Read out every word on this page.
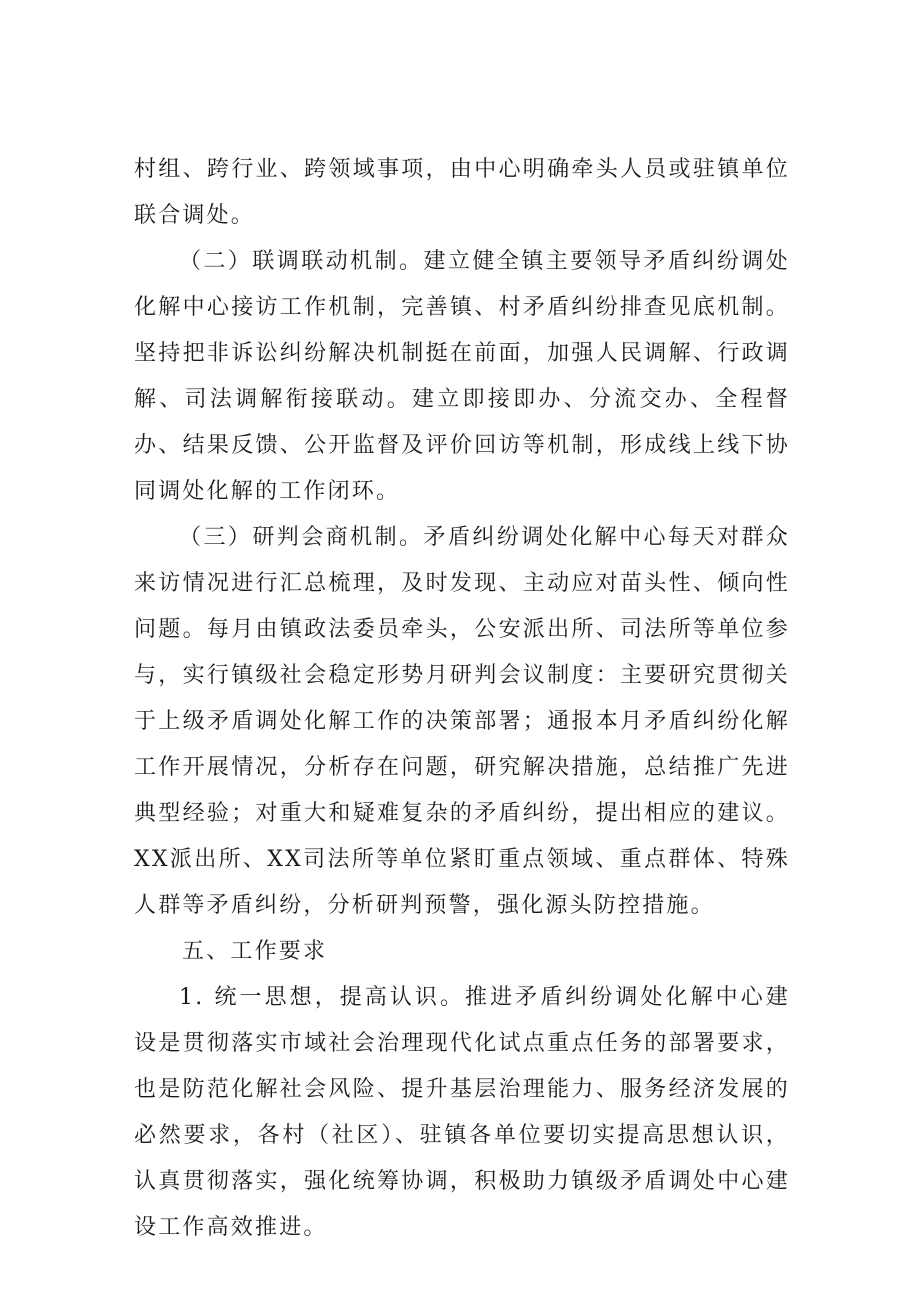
村组、跨行业、跨领域事项，由中心明确牵头人员或驻镇单位联合调处。

（二）联调联动机制。建立健全镇主要领导矛盾纠纷调处化解中心接访工作机制，完善镇、村矛盾纠纷排查见底机制。坚持把非诉讼纠纷解决机制挺在前面，加强人民调解、行政调解、司法调解衔接联动。建立即接即办、分流交办、全程督办、结果反馈、公开监督及评价回访等机制，形成线上线下协同调处化解的工作闭环。

（三）研判会商机制。矛盾纠纷调处化解中心每天对群众来访情况进行汇总梳理，及时发现、主动应对苗头性、倾向性问题。每月由镇政法委员牵头，公安派出所、司法所等单位参与，实行镇级社会稳定形势月研判会议制度：主要研究贯彻关于上级矛盾调处化解工作的决策部署；通报本月矛盾纠纷化解工作开展情况，分析存在问题，研究解决措施，总结推广先进典型经验；对重大和疑难复杂的矛盾纠纷，提出相应的建议。XX派出所、XX司法所等单位紧盯重点领域、重点群体、特殊人群等矛盾纠纷，分析研判预警，强化源头防控措施。

五、工作要求

1. 统一思想，提高认识。推进矛盾纠纷调处化解中心建设是贯彻落实市域社会治理现代化试点重点任务的部署要求，也是防范化解社会风险、提升基层治理能力、服务经济发展的必然要求，各村（社区）、驻镇各单位要切实提高思想认识，认真贯彻落实，强化统筹协调，积极助力镇级矛盾调处中心建设工作高效推进。
